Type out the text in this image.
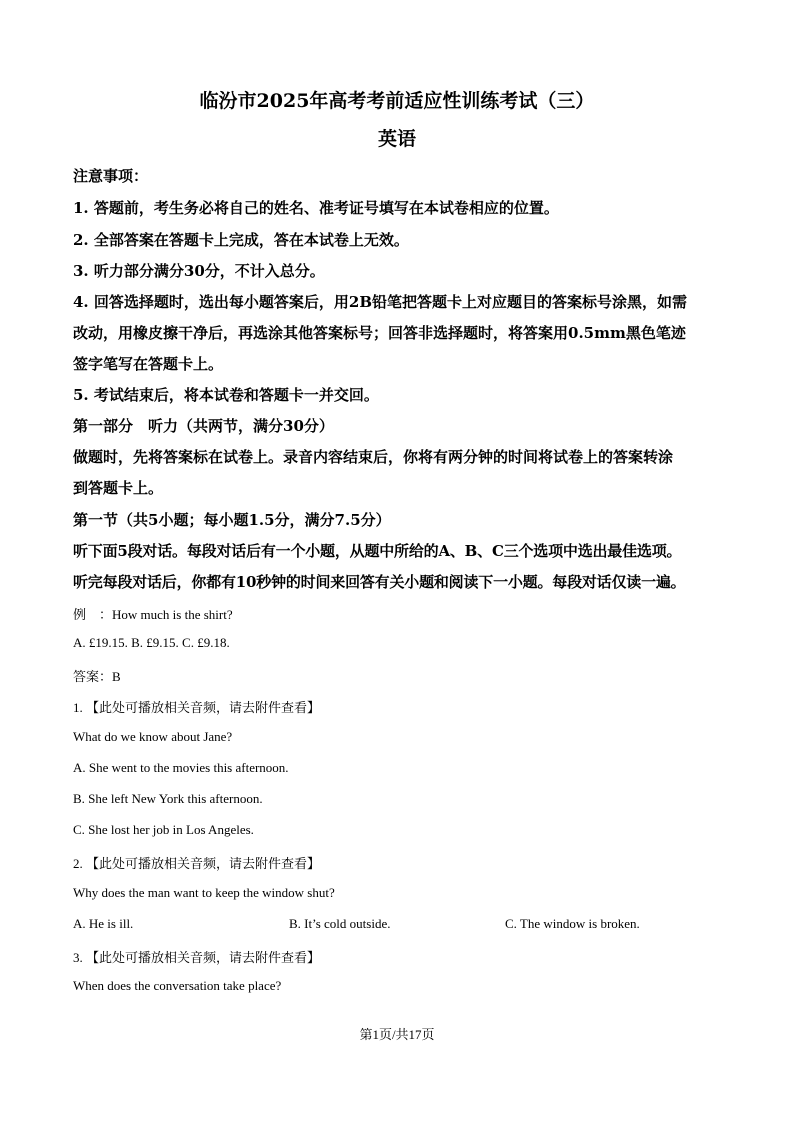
临汾市2025年高考考前适应性训练考试（三）
英语
注意事项：
1. 答题前，考生务必将自己的姓名、准考证号填写在本试卷相应的位置。
2. 全部答案在答题卡上完成，答在本试卷上无效。
3. 听力部分满分30分，不计入总分。
4. 回答选择题时，选出每小题答案后，用2B铅笔把答题卡上对应题目的答案标号涂黑，如需
改动，用橡皮擦干净后，再选涂其他答案标号；回答非选择题时，将答案用0.5mm黑色笔迹
签字笔写在答题卡上。
5. 考试结束后，将本试卷和答题卡一并交回。
第一部分　听力（共两节，满分30分）
做题时，先将答案标在试卷上。录音内容结束后，你将有两分钟的时间将试卷上的答案转涂
到答题卡上。
第一节（共5小题；每小题1.5分，满分7.5分）
听下面5段对话。每段对话后有一个小题，从题中所给的A、B、C三个选项中选出最佳选项。
听完每段对话后，你都有10秒钟的时间来回答有关小题和阅读下一小题。每段对话仅读一遍。
例　：How much is the shirt?
A. £19.15. B. £9.15. C. £9.18.
答案：B
1. 【此处可播放相关音频，请去附件查看】
What do we know about Jane?
A. She went to the movies this afternoon.
B. She left New York this afternoon.
C. She lost her job in Los Angeles.
2. 【此处可播放相关音频，请去附件查看】
Why does the man want to keep the window shut?
A. He is ill.	B. It’s cold outside.	C. The window is broken.
3. 【此处可播放相关音频，请去附件查看】
When does the conversation take place?
第1页/共17页
